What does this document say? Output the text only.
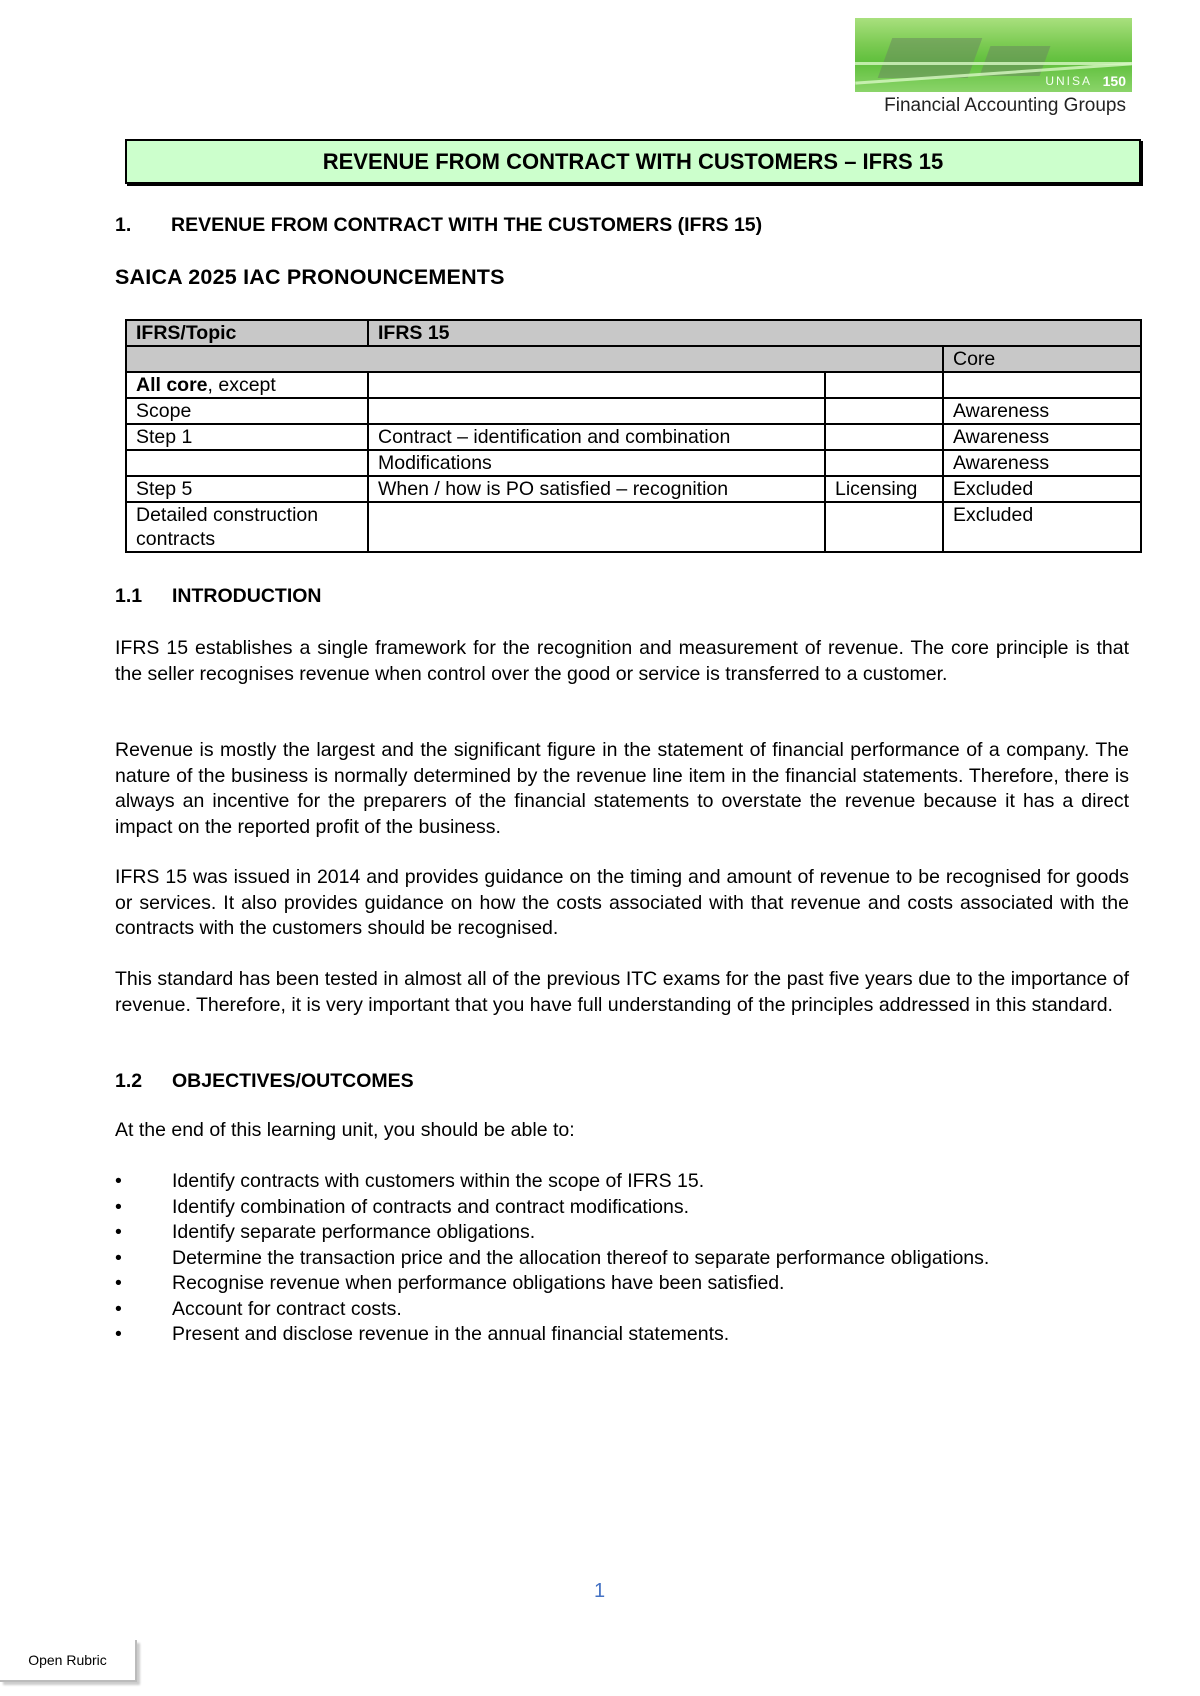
UNISA 150
Financial Accounting Groups
REVENUE FROM CONTRACT WITH CUSTOMERS – IFRS 15
1. REVENUE FROM CONTRACT WITH THE CUSTOMERS (IFRS 15)
SAICA 2025 IAC PRONOUNCEMENTS
IFRS/Topic	IFRS 15		
			Core
All core, except			
Scope			Awareness
Step 1	Contract – identification and combination		Awareness
	Modifications		Awareness
Step 5	When / how is PO satisfied – recognition	Licensing	Excluded
Detailed construction contracts			Excluded
1.1 INTRODUCTION

IFRS 15 establishes a single framework for the recognition and measurement of revenue. The core principle is that the seller recognises revenue when control over the good or service is transferred to a customer.

Revenue is mostly the largest and the significant figure in the statement of financial performance of a company. The nature of the business is normally determined by the revenue line item in the financial statements. Therefore, there is always an incentive for the preparers of the financial statements to overstate the revenue because it has a direct impact on the reported profit of the business.

IFRS 15 was issued in 2014 and provides guidance on the timing and amount of revenue to be recognised for goods or services. It also provides guidance on how the costs associated with that revenue and costs associated with the contracts with the customers should be recognised.

This standard has been tested in almost all of the previous ITC exams for the past five years due to the importance of revenue. Therefore, it is very important that you have full understanding of the principles addressed in this standard.

1.2 OBJECTIVES/OUTCOMES

At the end of this learning unit, you should be able to:

•	Identify contracts with customers within the scope of IFRS 15.
•	Identify combination of contracts and contract modifications.
•	Identify separate performance obligations.
•	Determine the transaction price and the allocation thereof to separate performance obligations.
•	Recognise revenue when performance obligations have been satisfied.
•	Account for contract costs.
•	Present and disclose revenue in the annual financial statements.
1
Open Rubric
